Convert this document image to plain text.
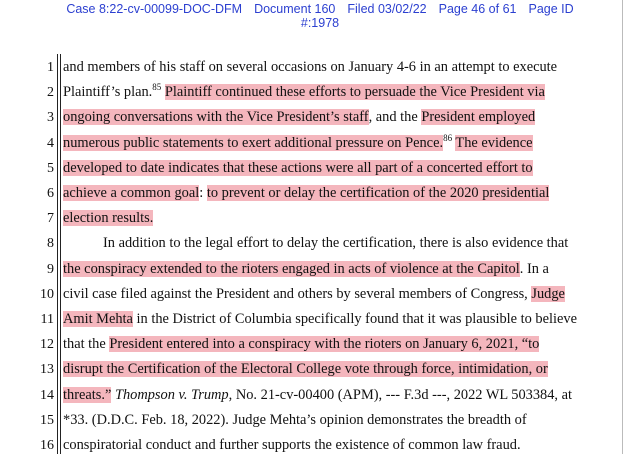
Case 8:22-cv-00099-DOC-DFM Document 160 Filed 03/02/22 Page 46 of 61 Page ID
#:1978
1 and members of his staff on several occasions on January 4-6 in an attempt to execute
2 Plaintiff’s plan.$^{85}$ Plaintiff continued these efforts to persuade the Vice President via
3 ongoing conversations with the Vice President’s staff, and the President employed
4 numerous public statements to exert additional pressure on Pence.$^{86}$ The evidence
5 developed to date indicates that these actions were all part of a concerted effort to
6 achieve a common goal: to prevent or delay the certification of the 2020 presidential
7 election results.
8	In addition to the legal effort to delay the certification, there is also evidence that
9 the conspiracy extended to the rioters engaged in acts of violence at the Capitol. In a
10 civil case filed against the President and others by several members of Congress, Judge
11 Amit Mehta in the District of Columbia specifically found that it was plausible to believe
12 that the President entered into a conspiracy with the rioters on January 6, 2021, “to
13 disrupt the Certification of the Electoral College vote through force, intimidation, or
14 threats.” Thompson v. Trump, No. 21-cv-00400 (APM), --- F.3d ---, 2022 WL 503384, at
15 *33. (D.D.C. Feb. 18, 2022). Judge Mehta’s opinion demonstrates the breadth of
16 conspiratorial conduct and further supports the existence of common law fraud.
